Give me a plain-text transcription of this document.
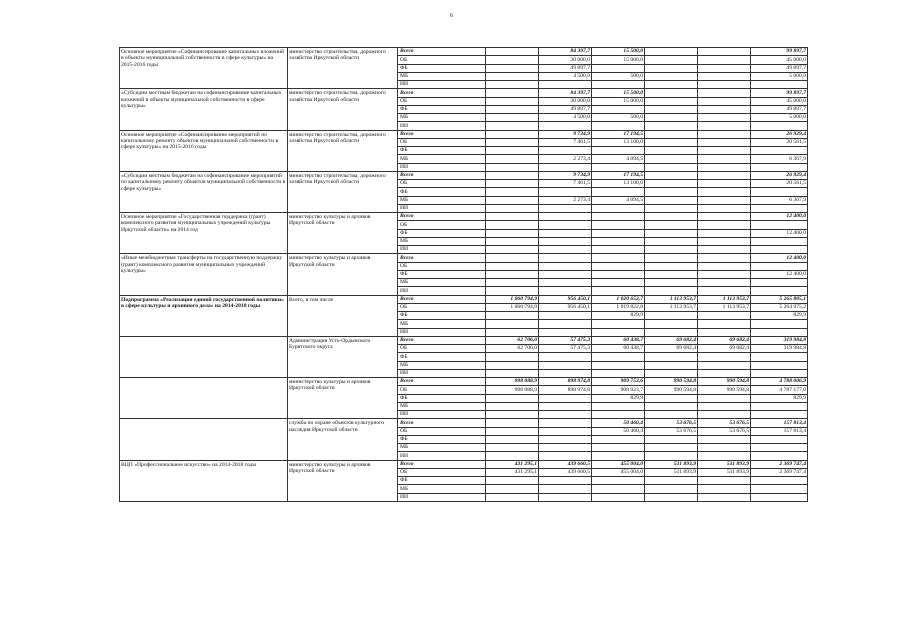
6
Основное мероприятие «Софинансирование капитальных вложений в объекты муниципальной собственности в сфере культуры» на 2015-2016 годы	министерство строительства, дорожного хозяйства Иркутской области	Всего		84 397,7	15 500,0			99 897,7
		ОБ		30 000,0	15 000,0			45 000,0
		ФБ		49 897,7				49 897,7
		МБ		4 500,0	500,0			5 000,0
		ИИ						
«Субсидии местным бюджетам на софинансирование капитальных вложений в объекты муниципальной собственности в сфере культуры»	министерство строительства, дорожного хозяйства Иркутской области	Всего		84 397,7	15 500,0			99 897,7
		ОБ		30 000,0	15 000,0			45 000,0
		ФБ		49 897,7				49 897,7
		МБ		4 500,0	500,0			5 000,0
		ИИ						
Основное мероприятие «Софинансирование мероприятий по капитальному ремонту объектов муниципальной собственности в сфере культуры» на 2015-2016 годы	министерство строительства, дорожного хозяйства Иркутской области	Всего		9 734,9	17 194,5			26 929,4
		ОБ		7 461,5	13 100,0			20 561,5
		ФБ						
		МБ		2 273,4	4 094,5			6 367,9
		ИИ						
«Субсидии местным бюджетам на софинансирование мероприятий по капитальному ремонту объектов муниципальной собственности в сфере культуры»	министерство строительства, дорожного хозяйства Иркутской области	Всего		9 734,9	17 194,5			26 929,4
		ОБ		7 461,5	13 100,0			20 561,5
		ФБ						
		МБ		2 273,4	4 094,5			6 367,9
		ИИ						
Основное мероприятие «Государственная поддержка (грант) комплексного развития муниципальных учреждений культуры Иркутской области» на 2014 год	министерство культуры и архивов Иркутской области	Всего						12 400,0
		ОБ						
		ФБ						12 400,0
		МБ						
		ИИ						
«Иные межбюджетные трансферты на государственную поддержку (грант) комплексного развития муниципальных учреждений культуры»	министерство культуры и архивов Иркутской области	Всего						12 400,0
		ОБ						
		ФБ						12 400,0
		МБ						
		ИИ						
Подпрограмма «Реализация единой государственной политики» в сфере культуры и архивного дела» на 2014-2018 годы	Всего, в том числе	Всего	1 060 794,9	956 450,1	1 020 652,7	1 113 953,7	1 113 953,7	5 265 805,1
		ОБ	1 060 794,9	956 450,1	1 019 822,8	1 113 953,7	1 113 953,7	5 264 975,2
		ФБ			829,9			829,9
		МБ						
		ИИ						
	Администрация Усть-Ордынского Бурятского округа	Всего	62 706,0	57 475,3	60 438,7	69 682,4	69 682,4	319 984,8
		ОБ	62 706,0	57 475,3	60 438,7	69 682,4	69 682,4	319 984,8
		ФБ						
		МБ						
		ИИ						
	министерство культуры и архивов Иркутской области	Всего	998 088,9	898 974,8	909 753,6	990 594,8	990 594,8	4 788 006,9
		ОБ	998 088,9	898 974,8	908 923,7	990 594,8	990 594,8	4 787 177,0
		ФБ			829,9			829,9
		МБ						
		ИИ						
	служба по охране объектов культурного наследия Иркутской области	Всего			50 460,4	53 676,5	53 676,5	157 813,4
		ОБ			50 460,4	53 676,5	53 676,5	157 813,4
		ФБ						
		МБ						
		ИИ						
ВЦП «Профессиональное искусство» на 2014-2018 годы	министерство культуры и архивов Иркутской области	Всего	431 295,1	439 660,5	455 004,0	511 893,9	511 893,9	2 369 747,4
		ОБ	431 295,1	439 660,5	455 004,0	511 893,9	511 893,9	2 369 747,4
		ФБ						
		МБ						
		ИИ						
